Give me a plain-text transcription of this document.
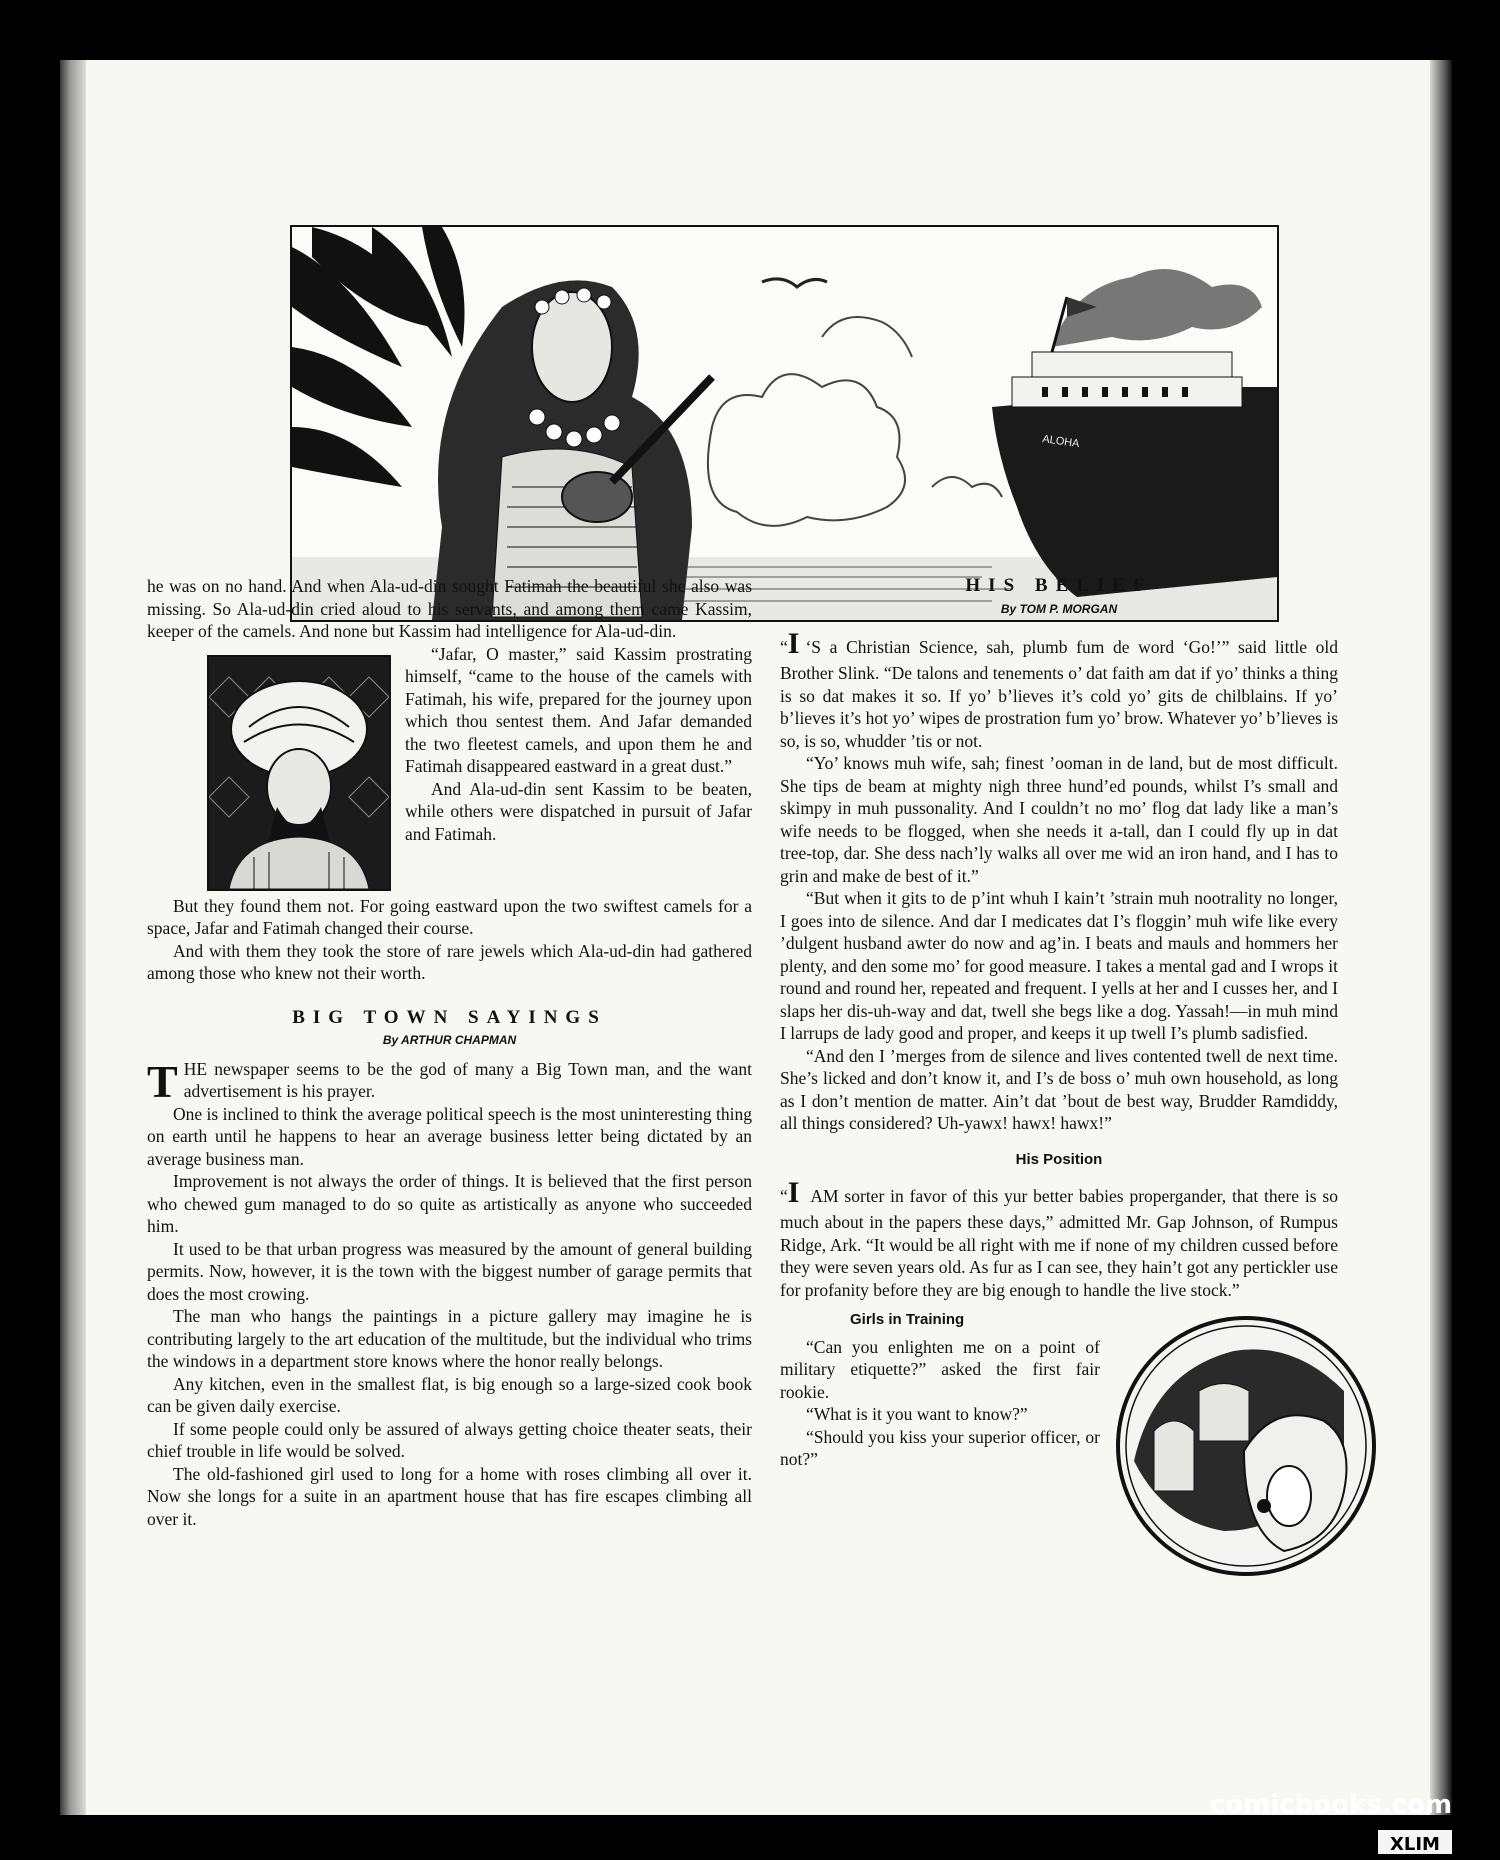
ALOHA

he was on no hand. And when Ala-ud-din sought Fatimah the beautiful she also was missing. So Ala-ud-din cried aloud to his servants, and among them came Kassim, keeper of the camels. And none but Kassim had intelligence for Ala-ud-din.

“Jafar, O master,” said Kassim prostrating himself, “came to the house of the camels with Fatimah, his wife, prepared for the journey upon which thou sentest them. And Jafar demanded the two fleetest camels, and upon them he and Fatimah disappeared eastward in a great dust.”

And Ala-ud-din sent Kassim to be beaten, while others were dispatched in pursuit of Jafar and Fatimah.

But they found them not. For going eastward upon the two swiftest camels for a space, Jafar and Fatimah changed their course.

And with them they took the store of rare jewels which Ala-ud-din had gathered among those who knew not their worth.

BIG TOWN SAYINGS
By ARTHUR CHAPMAN

THE newspaper seems to be the god of many a Big Town man, and the want advertisement is his prayer.

One is inclined to think the average political speech is the most uninteresting thing on earth until he happens to hear an average business letter being dictated by an average business man.

Improvement is not always the order of things. It is believed that the first person who chewed gum managed to do so quite as artistically as anyone who succeeded him.

It used to be that urban progress was measured by the amount of general building permits. Now, however, it is the town with the biggest number of garage permits that does the most crowing.

The man who hangs the paintings in a picture gallery may imagine he is contributing largely to the art education of the multitude, but the individual who trims the windows in a department store knows where the honor really belongs.

Any kitchen, even in the smallest flat, is big enough so a large-sized cook book can be given daily exercise.

If some people could only be assured of always getting choice theater seats, their chief trouble in life would be solved.

The old-fashioned girl used to long for a home with roses climbing all over it. Now she longs for a suite in an apartment house that has fire escapes climbing all over it.

HIS BELIEF
By TOM P. MORGAN

“I ‘S a Christian Science, sah, plumb fum de word ‘Go!’” said little old Brother Slink. “De talons and tenements o’ dat faith am dat if yo’ thinks a thing is so dat makes it so. If yo’ b’lieves it’s cold yo’ gits de chilblains. If yo’ b’lieves it’s hot yo’ wipes de prostration fum yo’ brow. Whatever yo’ b’lieves is so, is so, whudder ’tis or not.

“Yo’ knows muh wife, sah; finest ’ooman in de land, but de most difficult. She tips de beam at mighty nigh three hund’ed pounds, whilst I’s small and skimpy in muh pussonality. And I couldn’t no mo’ flog dat lady like a man’s wife needs to be flogged, when she needs it a-tall, dan I could fly up in dat tree-top, dar. She dess nach’ly walks all over me wid an iron hand, and I has to grin and make de best of it.”

“But when it gits to de p’int whuh I kain’t ’strain muh nootrality no longer, I goes into de silence. And dar I medicates dat I’s floggin’ muh wife like every ’dulgent husband awter do now and ag’in. I beats and mauls and hommers her plenty, and den some mo’ for good measure. I takes a mental gad and I wrops it round and round her, repeated and frequent. I yells at her and I cusses her, and I slaps her dis-uh-way and dat, twell she begs like a dog. Yassah!—in muh mind I larrups de lady good and proper, and keeps it up twell I’s plumb sadisfied.

“And den I ’merges from de silence and lives contented twell de next time. She’s licked and don’t know it, and I’s de boss o’ muh own household, as long as I don’t mention de matter. Ain’t dat ’bout de best way, Brudder Ramdiddy, all things considered? Uh-yawx! hawx! hawx!”

His Position

“I AM sorter in favor of this yur better babies propergander, that there is so much about in the papers these days,” admitted Mr. Gap Johnson, of Rumpus Ridge, Ark. “It would be all right with me if none of my children cussed before they were seven years old. As fur as I can see, they hain’t got any pertickler use for profanity before they are big enough to handle the live stock.”

Girls in Training

“Can you enlighten me on a point of military etiquette?” asked the first fair rookie.

“What is it you want to know?”

“Should you kiss your superior officer, or not?”

comicbooks.com
XLIM
